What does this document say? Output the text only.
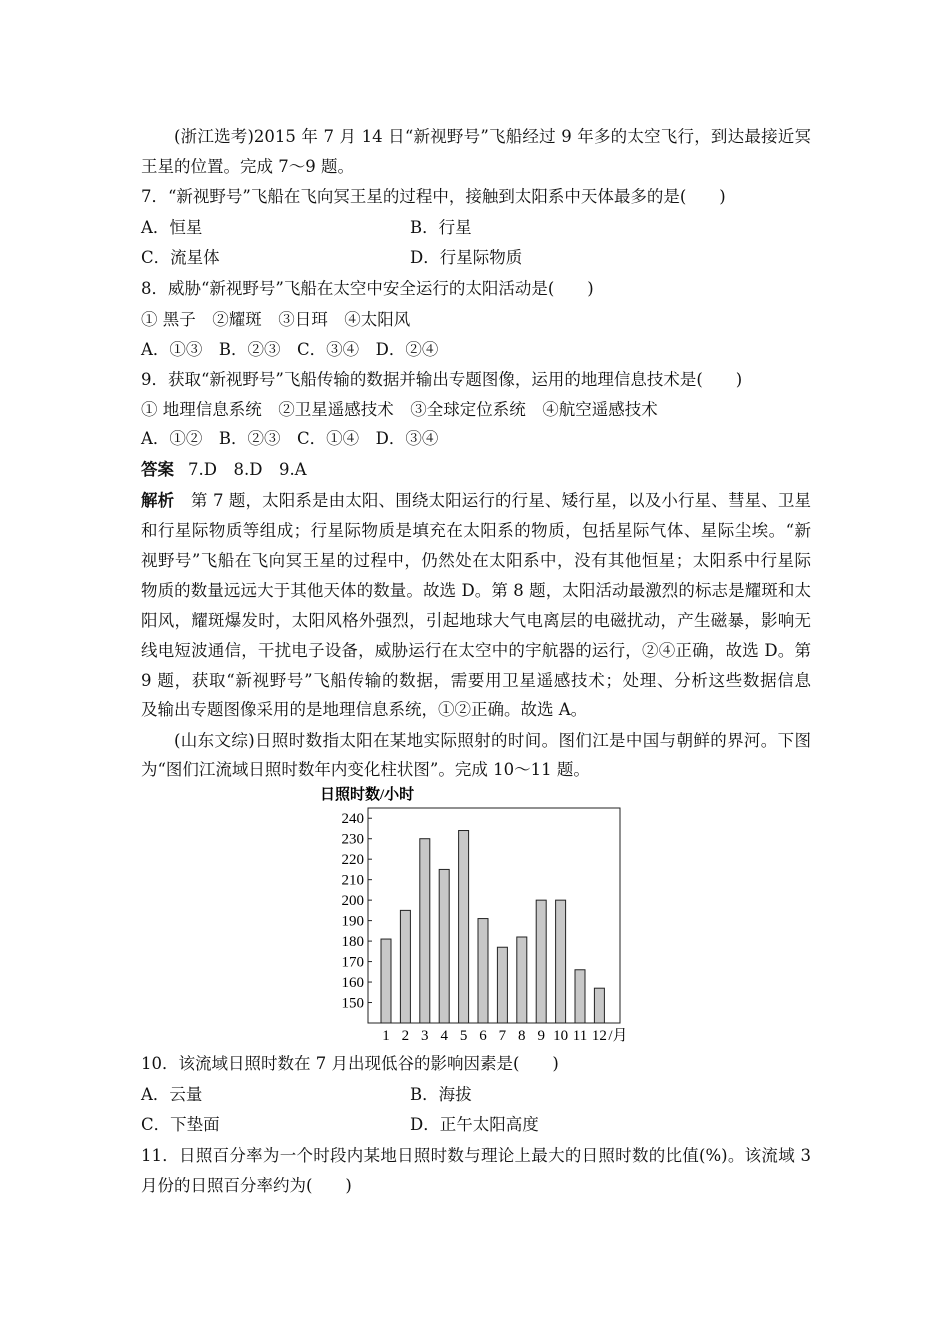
(浙江选考)2015 年 7 月 14 日“新视野号”飞船经过 9 年多的太空飞行，到达最接近冥
王星的位置。完成 7～9 题。
7．“新视野号”飞船在飞向冥王星的过程中，接触到太阳系中天体最多的是(　　)
A．恒星	B．行星
C．流星体	D．行星际物质
8．威胁“新视野号”飞船在太空中安全运行的太阳活动是(　　)
① 黑子　②耀斑　③日珥　④太阳风
A．①③　B．②③　C．③④　D．②④
9．获取“新视野号”飞船传输的数据并输出专题图像，运用的地理信息技术是(　　)
① 地理信息系统　②卫星遥感技术　③全球定位系统　④航空遥感技术
A．①②　B．②③　C．①④　D．③④
答案 7.D　8.D　9.A
解析　 第 7 题，太阳系是由太阳、围绕太阳运行的行星、矮行星，以及小行星、彗星、卫星
和行星际物质等组成；行星际物质是填充在太阳系的物质，包括星际气体、星际尘埃。“新
视野号”飞船在飞向冥王星的过程中，仍然处在太阳系中，没有其他恒星；太阳系中行星际
物质的数量远远大于其他天体的数量。故选 D。第 8 题，太阳活动最激烈的标志是耀斑和太
阳风，耀斑爆发时，太阳风格外强烈，引起地球大气电离层的电磁扰动，产生磁暴，影响无
线电短波通信，干扰电子设备，威胁运行在太空中的宇航器的运行，②④正确，故选 D。第
9 题，获取“新视野号”飞船传输的数据，需要用卫星遥感技术；处理、分析这些数据信息
及输出专题图像采用的是地理信息系统，①②正确。故选 A。
(山东文综)日照时数指太阳在某地实际照射的时间。图们江是中国与朝鲜的界河。下图
为“图们江流域日照时数年内变化柱状图”。完成 10～11 题。
日照时数/小时
150
160
170
180
190
200
210
220
230
240
1 2 3 4 5 6 7 8 9 10 11 12 /月
10．该流域日照时数在 7 月出现低谷的影响因素是(　　)
A．云量	B．海拔
C．下垫面	D．正午太阳高度
11．日照百分率为一个时段内某地日照时数与理论上最大的日照时数的比值(%)。该流域 3
月份的日照百分率约为(　　)
